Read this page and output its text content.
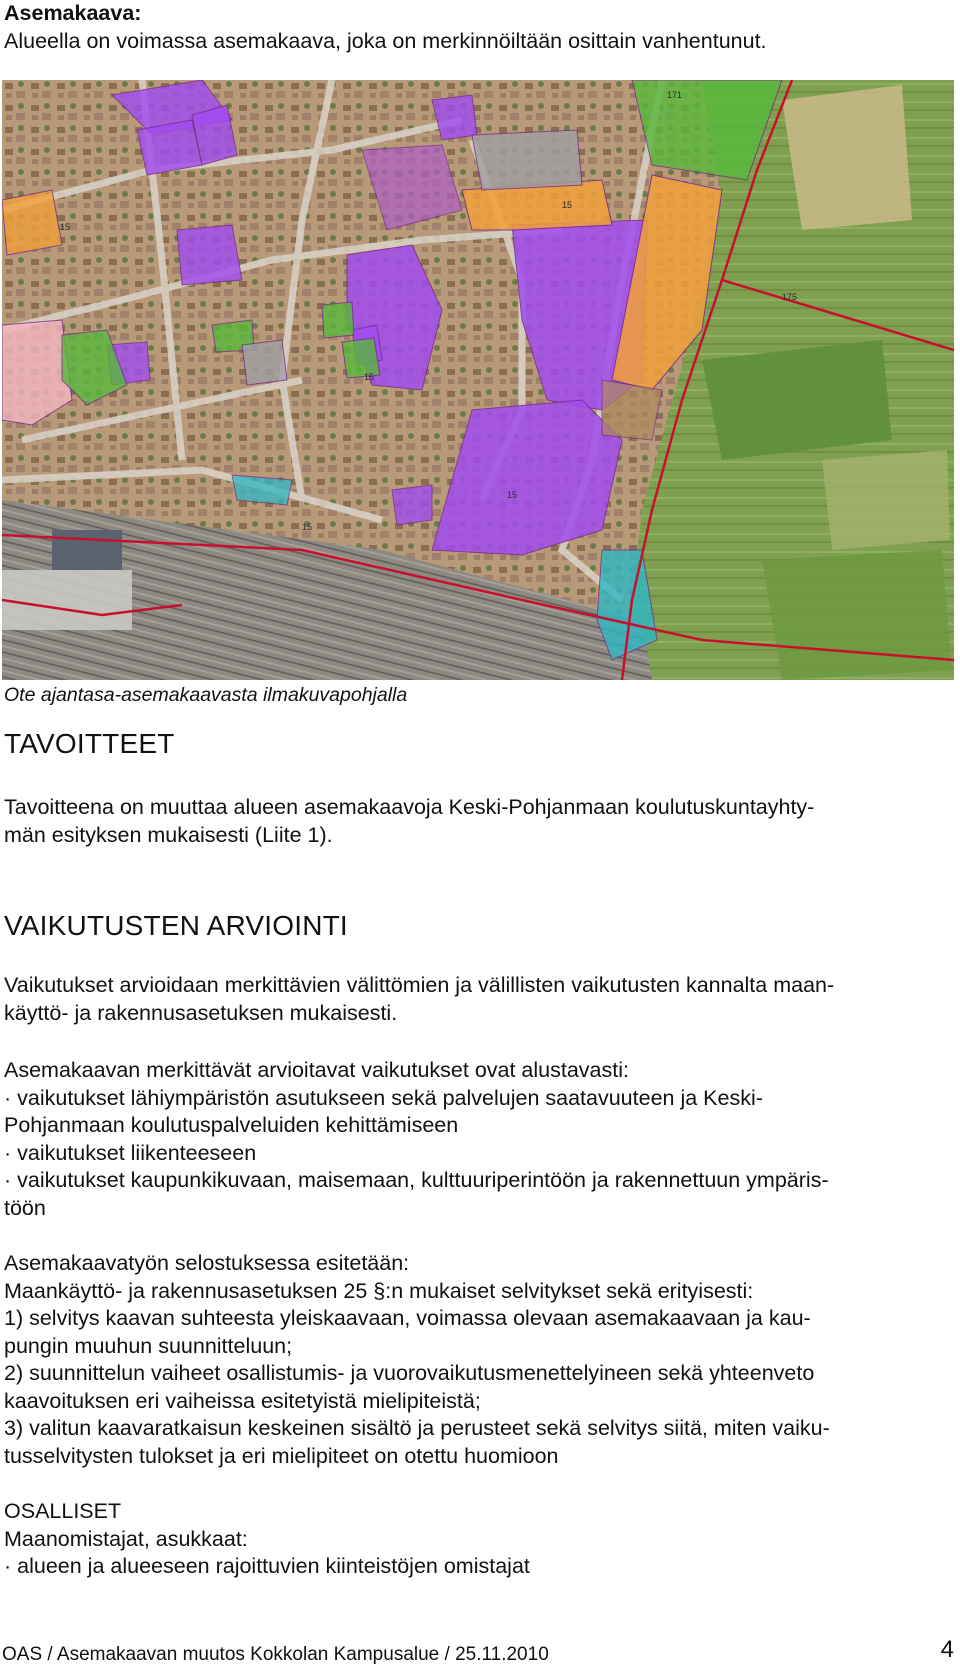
Asemakaava:
Alueella on voimassa asemakaava, joka on merkinnöiltään osittain vanhentunut.
171
15
15
15
175
15
15
Ote ajantasa-asemakaavasta ilmakuvapohjalla
TAVOITTEET
Tavoitteena on muuttaa alueen asemakaavoja Keski-Pohjanmaan koulutuskuntayhty-
män esityksen mukaisesti (Liite 1).
VAIKUTUSTEN ARVIOINTI
Vaikutukset arvioidaan merkittävien välittömien ja välillisten vaikutusten kannalta maan-
käyttö- ja rakennusasetuksen mukaisesti.
Asemakaavan merkittävät arvioitavat vaikutukset ovat alustavasti:
· vaikutukset lähiympäristön asutukseen sekä palvelujen saatavuuteen ja Keski-
Pohjanmaan koulutuspalveluiden kehittämiseen
· vaikutukset liikenteeseen
· vaikutukset kaupunkikuvaan, maisemaan, kulttuuriperintöön ja rakennettuun ympäris-
töön
Asemakaavatyön selostuksessa esitetään:
Maankäyttö- ja rakennusasetuksen 25 §:n mukaiset selvitykset sekä erityisesti:
1) selvitys kaavan suhteesta yleiskaavaan, voimassa olevaan asemakaavaan ja kau-
pungin muuhun suunnitteluun;
2) suunnittelun vaiheet osallistumis- ja vuorovaikutusmenettelyineen sekä yhteenveto
kaavoituksen eri vaiheissa esitetyistä mielipiteistä;
3) valitun kaavaratkaisun keskeinen sisältö ja perusteet sekä selvitys siitä, miten vaiku-
tusselvitysten tulokset ja eri mielipiteet on otettu huomioon
OSALLISET
Maanomistajat, asukkaat:
· alueen ja alueeseen rajoittuvien kiinteistöjen omistajat
OAS / Asemakaavan muutos Kokkolan Kampusalue / 25.11.2010	4
